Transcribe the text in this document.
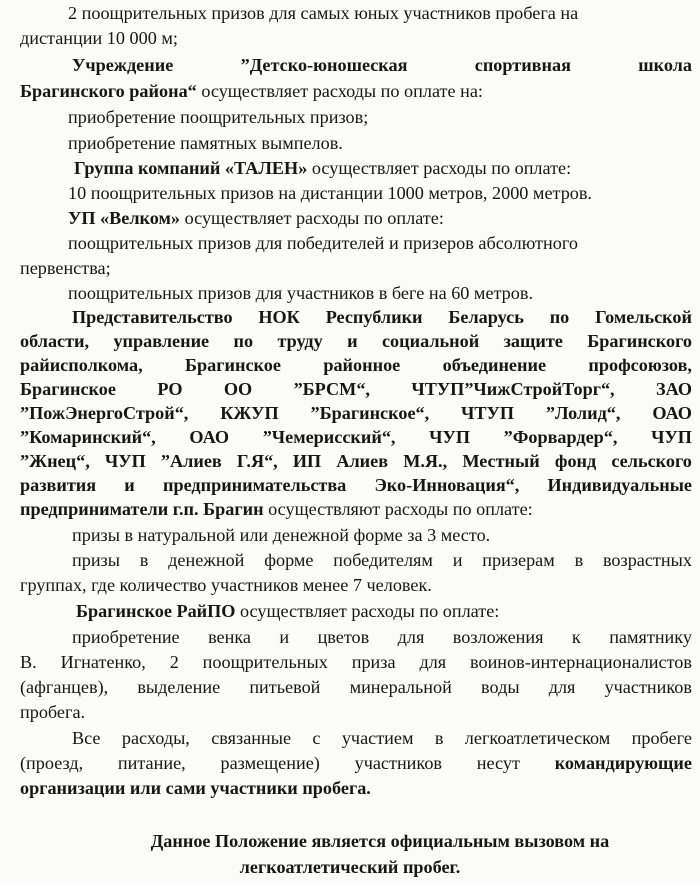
2 поощрительных призов для самых юных участников пробега на
дистанции 10 000 м;
Учреждение	”Детско-юношеская	спортивная	школа
Брагинского района“ осуществляет расходы по оплате на:
приобретение поощрительных призов;
приобретение памятных вымпелов.
Группа компаний «ТАЛЕН» осуществляет расходы по оплате:
10 поощрительных призов на дистанции 1000 метров, 2000 метров.
УП «Велком» осуществляет расходы по оплате:
поощрительных призов для победителей и призеров абсолютного
первенства;
поощрительных призов для участников в беге на 60 метров.
Представительство НОК Республики Беларусь по Гомельской
области, управление по труду и социальной защите Брагинского
райисполкома, Брагинское районное объединение профсоюзов,
Брагинское РО ОО ”БРСМ“, ЧТУП”ЧижСтройТорг“, ЗАО
”ПожЭнергоСтрой“, КЖУП ”Брагинское“, ЧТУП ”Лолид“, ОАО
”Комаринский“, ОАО ”Чемерисский“, ЧУП ”Форвардер“, ЧУП
”Жнец“, ЧУП ”Алиев Г.Я“, ИП Алиев М.Я., Местный фонд сельского
развития и предпринимательства Эко-Инновация“, Индивидуальные
предприниматели г.п. Брагин осуществляют расходы по оплате:
призы в натуральной или денежной форме за 3 место.
призы в денежной форме победителям и призерам в возрастных
группах, где количество участников менее 7 человек.
Брагинское РайПО осуществляет расходы по оплате:
приобретение венка и цветов для возложения к памятнику
В. Игнатенко, 2 поощрительных приза для воинов-интернационалистов
(афганцев), выделение питьевой минеральной воды для участников
пробега.
Все расходы, связанные с участием в легкоатлетическом пробеге
(проезд, питание, размещение) участников несут командирующие
организации или сами участники пробега.
Данное Положение является официальным вызовом на
легкоатлетический пробег.
